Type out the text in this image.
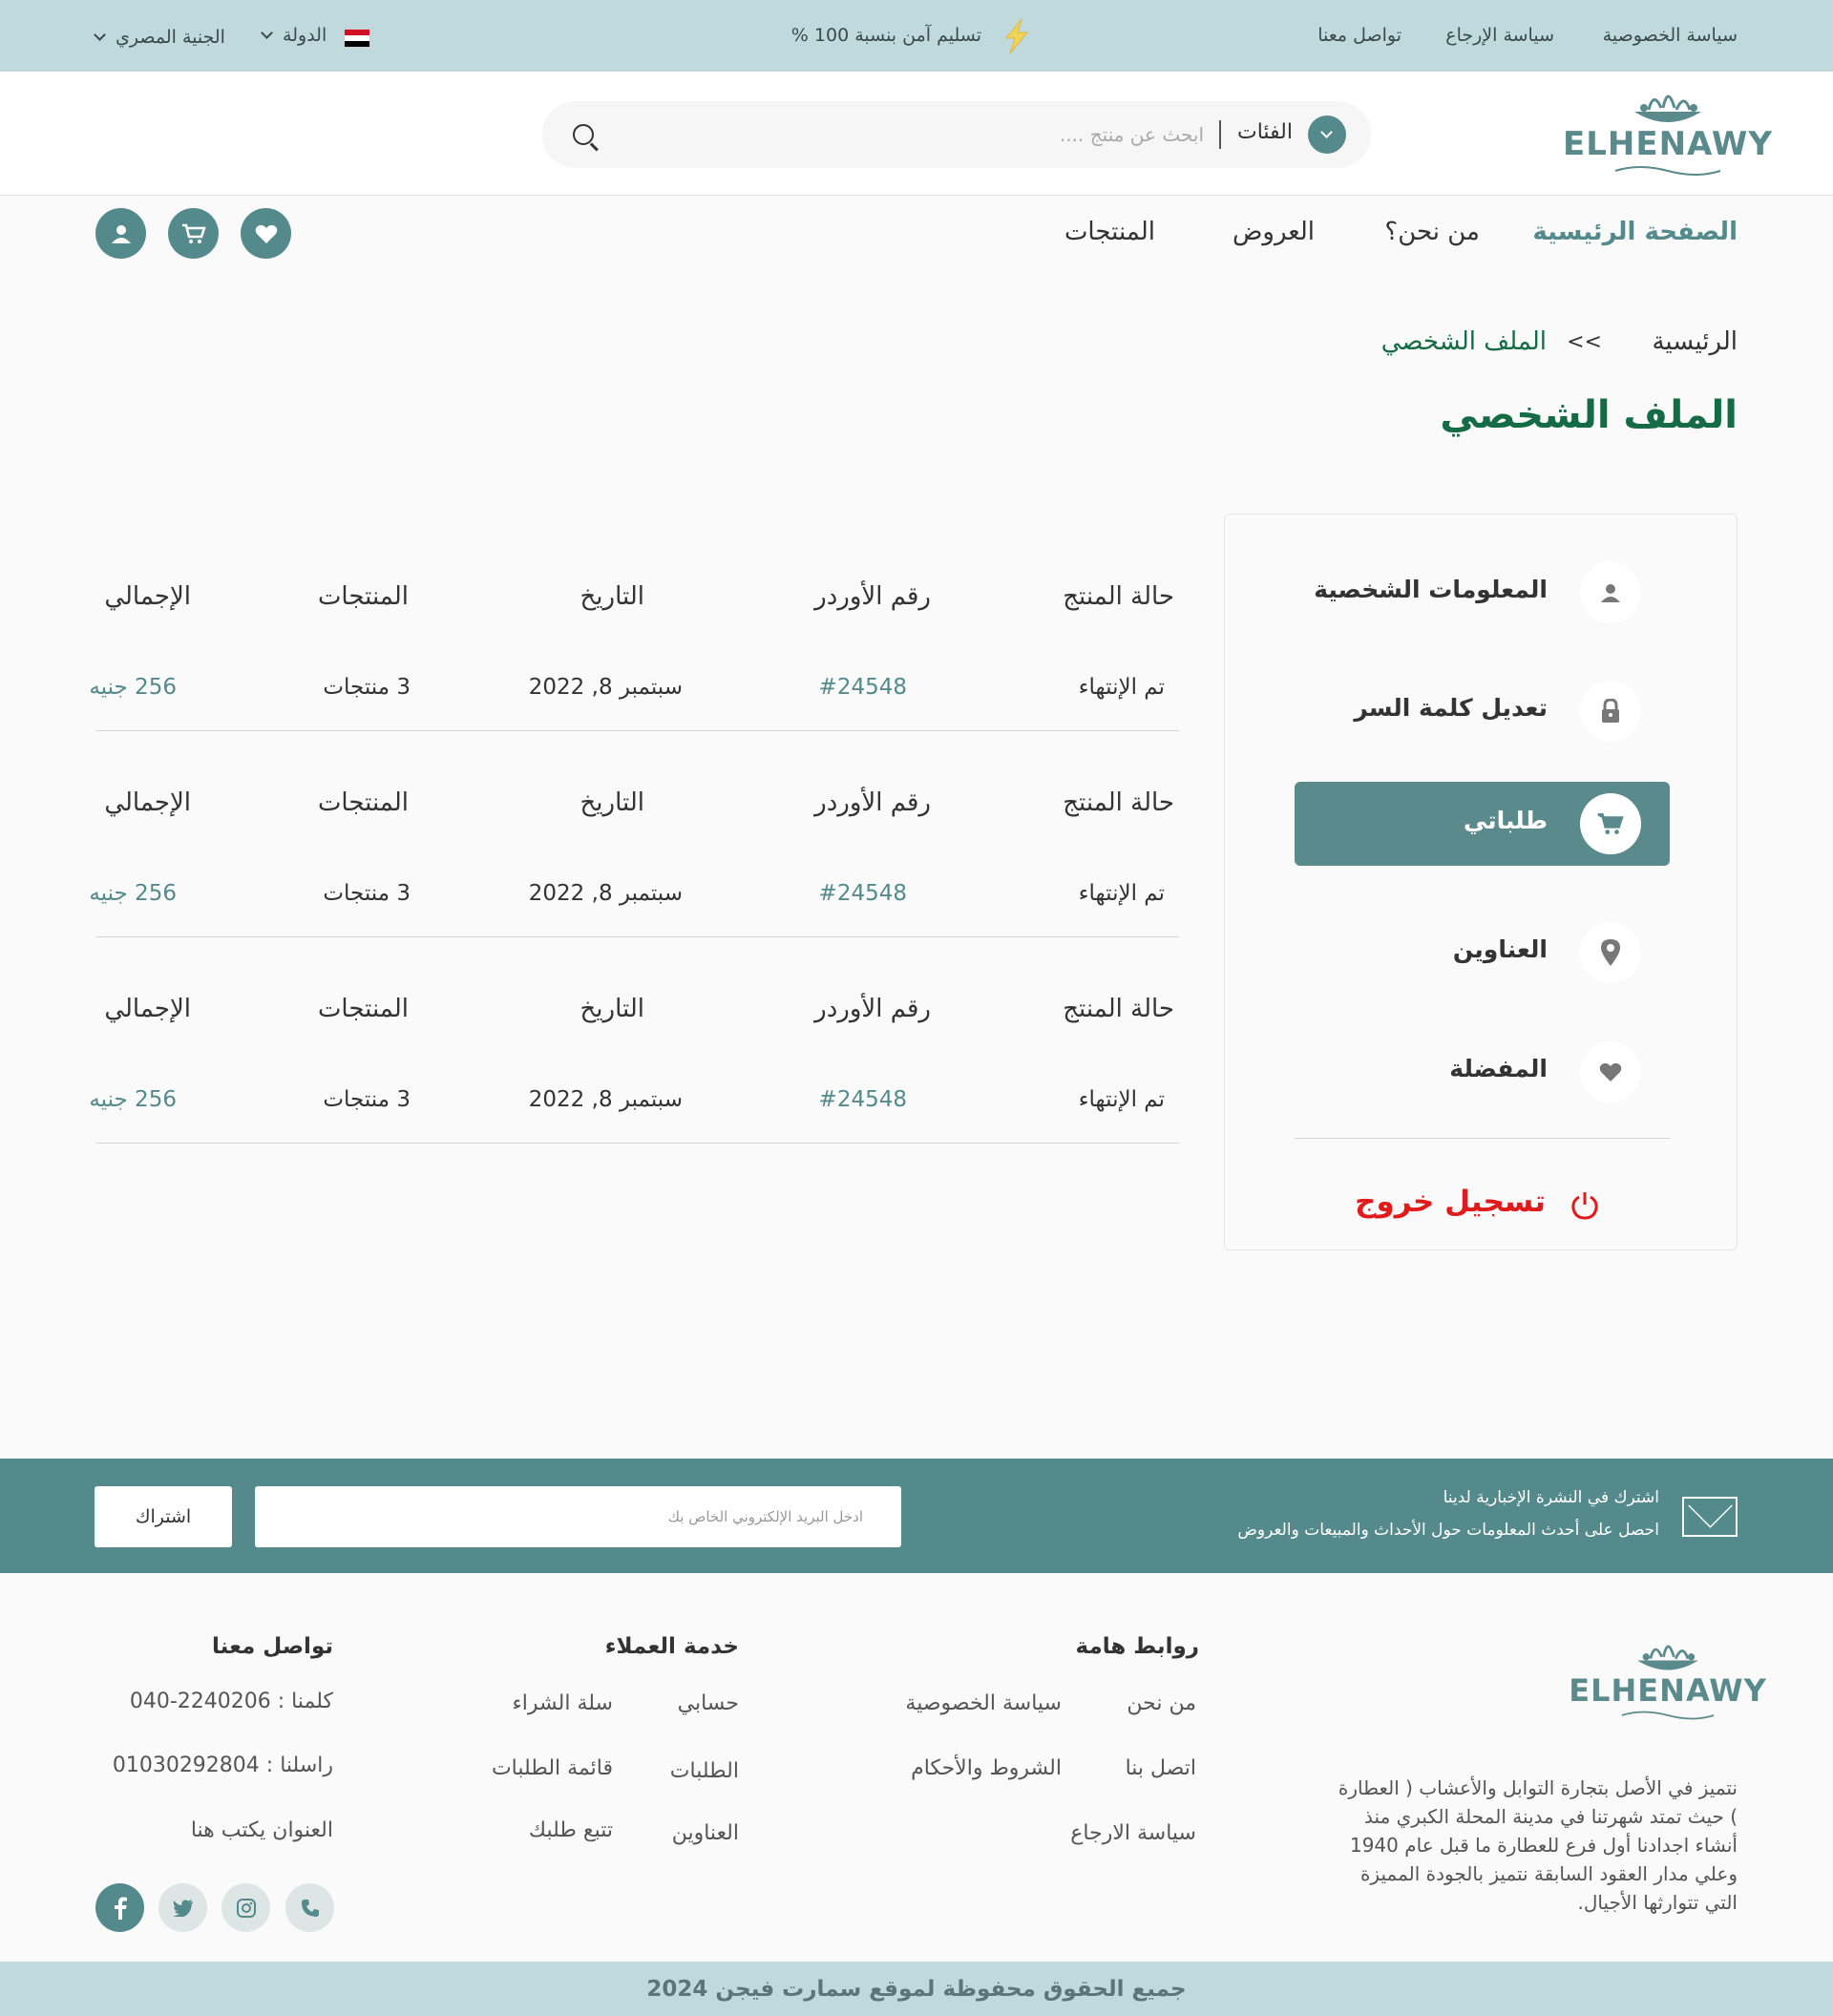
سياسة الخصوصية
سياسة الإرجاع
تواصل معنا
تسليم آمن بنسبة 100 %
الدولة
الجنية المصري
ELHENAWY
الفئات
ابحث عن منتج ....
الصفحة الرئيسية
من نحن؟
العروض
المنتجات
الرئيسية
>>
الملف الشخصي
الملف الشخصي
المعلومات الشخصية
تعديل كلمة السر
طلباتي
العناوين
المفضلة
تسجيل خروج
حالة المنتج
رقم الأوردر
التاريخ
المنتجات
الإجمالي
تم الإنتهاء
#24548
سبتمبر 8, 2022
3 منتجات
256 جنيه
حالة المنتج
رقم الأوردر
التاريخ
المنتجات
الإجمالي
تم الإنتهاء
#24548
سبتمبر 8, 2022
3 منتجات
256 جنيه
حالة المنتج
رقم الأوردر
التاريخ
المنتجات
الإجمالي
تم الإنتهاء
#24548
سبتمبر 8, 2022
3 منتجات
256 جنيه
اشترك في النشرة الإخبارية لدينا
احصل على أحدث المعلومات حول الأحداث والمبيعات والعروض
ادخل البريد الإلكتروني الخاص بك
اشتراك
ELHENAWY

نتميز في الأصل بتجارة التوابل والأعشاب ( العطارة ) حيث تمتد شهرتنا في مدينة المحلة الكبري منذ أنشاء اجدادنا أول فرع للعطارة ما قبل عام 1940 وعلي مدار العقود السابقة نتميز بالجودة المميزة التي تتوارثها الأجيال.

روابط هامة
من نحن
سياسة الخصوصية
اتصل بنا
الشروط والأحكام
سياسة الارجاع
خدمة العملاء
حسابي
سلة الشراء
الطلبات
قائمة الطلبات
العناوين
تتبع طلبك
تواصل معنا
كلمنا : 2240206-040
راسلنا : 01030292804
العنوان يكتب هنا
جميع الحقوق محفوظة لموقع سمارت فيجن 2024
